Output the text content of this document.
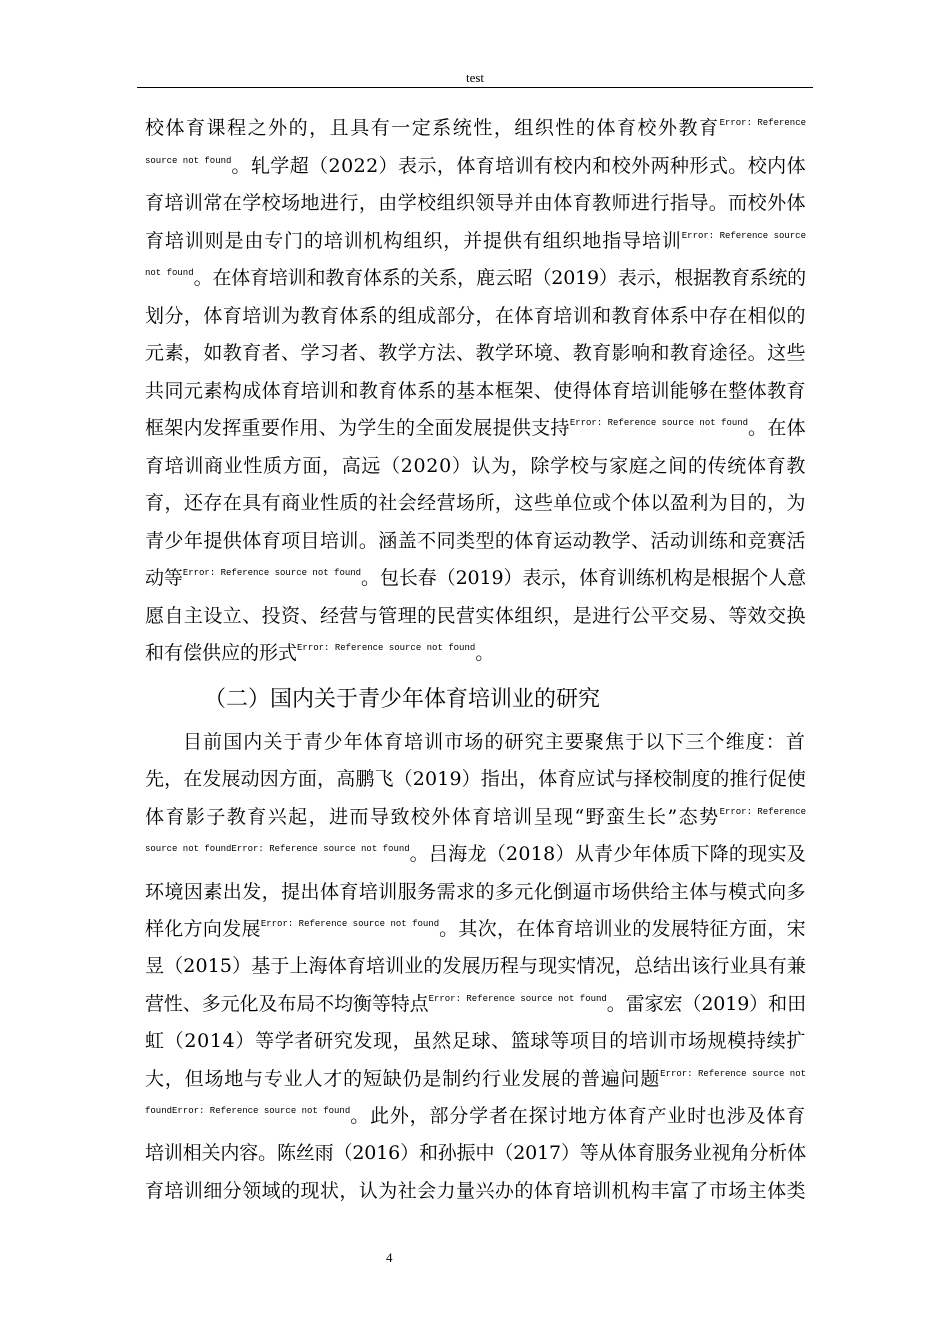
test
校体育课程之外的，且具有一定系统性，组织性的体育校外教育$^{Error: Reference}$
$^{source not found}$。轧学超（2022）表示，体育培训有校内和校外两种形式。校内体
育培训常在学校场地进行，由学校组织领导并由体育教师进行指导。而校外体
育培训则是由专门的培训机构组织，并提供有组织地指导培训$^{Error: Reference source}$
$^{not found}$。在体育培训和教育体系的关系，鹿云昭（2019）表示，根据教育系统的
划分，体育培训为教育体系的组成部分，在体育培训和教育体系中存在相似的
元素，如教育者、学习者、教学方法、教学环境、教育影响和教育途径。这些
共同元素构成体育培训和教育体系的基本框架、使得体育培训能够在整体教育
框架内发挥重要作用、为学生的全面发展提供支持$^{Error: Reference source not found}$。在体
育培训商业性质方面，高远（2020）认为，除学校与家庭之间的传统体育教
育，还存在具有商业性质的社会经营场所，这些单位或个体以盈利为目的，为
青少年提供体育项目培训。涵盖不同类型的体育运动教学、活动训练和竞赛活
动等$^{Error: Reference source not found}$。包长春（2019）表示，体育训练机构是根据个人意
愿自主设立、投资、经营与管理的民营实体组织，是进行公平交易、等效交换
和有偿供应的形式$^{Error: Reference source not found}$。
（二）国内关于青少年体育培训业的研究
目前国内关于青少年体育培训市场的研究主要聚焦于以下三个维度：首
先，在发展动因方面，高鹏飞（2019）指出，体育应试与择校制度的推行促使
体育影子教育兴起，进而导致校外体育培训呈现“野蛮生长”态势$^{Error: Reference}$
$^{source not foundError: Reference source not found}$。吕海龙（2018）从青少年体质下降的现实及
环境因素出发，提出体育培训服务需求的多元化倒逼市场供给主体与模式向多
样化方向发展$^{Error: Reference source not found}$。其次，在体育培训业的发展特征方面，宋
昱（2015）基于上海体育培训业的发展历程与现实情况，总结出该行业具有兼
营性、多元化及布局不均衡等特点$^{Error: Reference source not found}$。雷家宏（2019）和田
虹（2014）等学者研究发现，虽然足球、篮球等项目的培训市场规模持续扩
大，但场地与专业人才的短缺仍是制约行业发展的普遍问题$^{Error: Reference source not}$
$^{foundError: Reference source not found}$。此外，部分学者在探讨地方体育产业时也涉及体育
培训相关内容。陈丝雨（2016）和孙振中（2017）等从体育服务业视角分析体
育培训细分领域的现状，认为社会力量兴办的体育培训机构丰富了市场主体类
4
